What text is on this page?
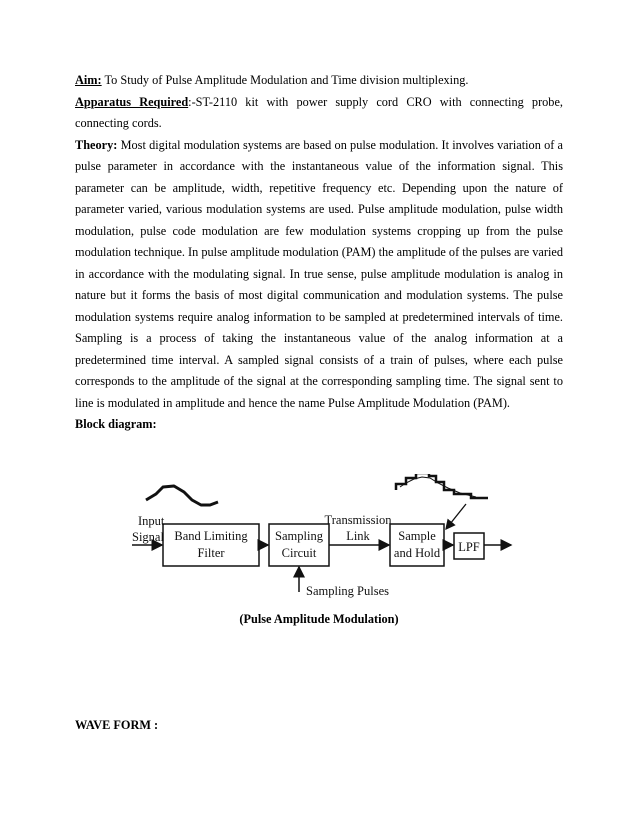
Aim: To Study of Pulse Amplitude Modulation and Time division multiplexing.

Apparatus Required:-ST-2110 kit with power supply cord CRO with connecting probe, connecting cords.

Theory: Most digital modulation systems are based on pulse modulation. It involves variation of a pulse parameter in accordance with the instantaneous value of the information signal. This parameter can be amplitude, width, repetitive frequency etc. Depending upon the nature of parameter varied, various modulation systems are used. Pulse amplitude modulation, pulse width modulation, pulse code modulation are few modulation systems cropping up from the pulse modulation technique. In pulse amplitude modulation (PAM) the amplitude of the pulses are varied in accordance with the modulating signal. In true sense, pulse amplitude modulation is analog in nature but it forms the basis of most digital communication and modulation systems. The pulse modulation systems require analog information to be sampled at predetermined intervals of time. Sampling is a process of taking the instantaneous value of the analog information at a predetermined time interval. A sampled signal consists of a train of pulses, where each pulse corresponds to the amplitude of the signal at the corresponding sampling time. The signal sent to line is modulated in amplitude and hence the name Pulse Amplitude Modulation (PAM).

Block diagram:

Input
Signal Band Limiting
Filter
Sampling
Circuit
Transmission
Link Sample
and Hold LPF
Sampling Pulses
(Pulse Amplitude Modulation)
WAVE FORM :
